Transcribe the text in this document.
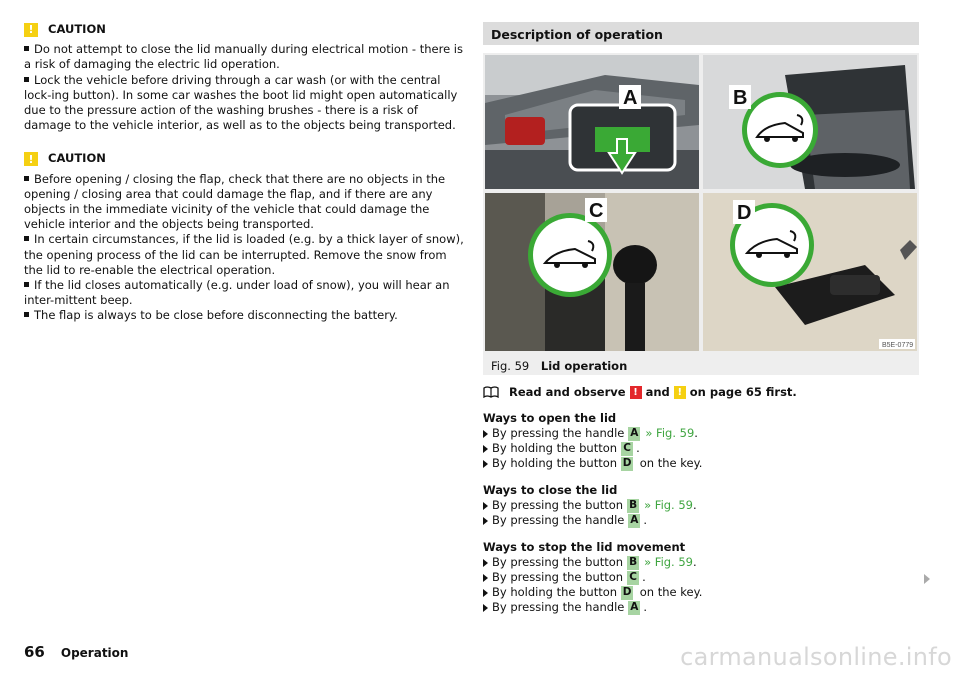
!	CAUTION

Do not attempt to close the lid manually during electrical motion - there is a risk of damaging the electric lid operation.

Lock the vehicle before driving through a car wash (or with the central lock-ing button). In some car washes the boot lid might open automatically due to the pressure action of the washing brushes - there is a risk of damage to the vehicle interior, as well as to the objects being transported.

!	CAUTION

Before opening / closing the flap, check that there are no objects in the opening / closing area that could damage the flap, and if there are any objects in the immediate vicinity of the vehicle that could damage the vehicle interior and the objects being transported.

In certain circumstances, if the lid is loaded (e.g. by a thick layer of snow), the opening process of the lid can be interrupted. Remove the snow from the lid to re-enable the electrical operation.

If the lid closes automatically (e.g. under load of snow), you will hear an inter-mittent beep.

The flap is always to be close before disconnecting the battery.

Description of operation
A	B
C	D
B5E-0779
Fig. 59 Lid operation
Read and observe ! and ! on page 65 first.
Ways to open the lid
By pressing the handle A » Fig. 59 .
By holding the button C .
By holding the button D on the key.
Ways to close the lid
By pressing the button B » Fig. 59 .
By pressing the handle A .
Ways to stop the lid movement
By pressing the button B » Fig. 59 .
By pressing the button C .
By holding the button D on the key.
By pressing the handle A .
66 Operation	carmanualsonline.info
